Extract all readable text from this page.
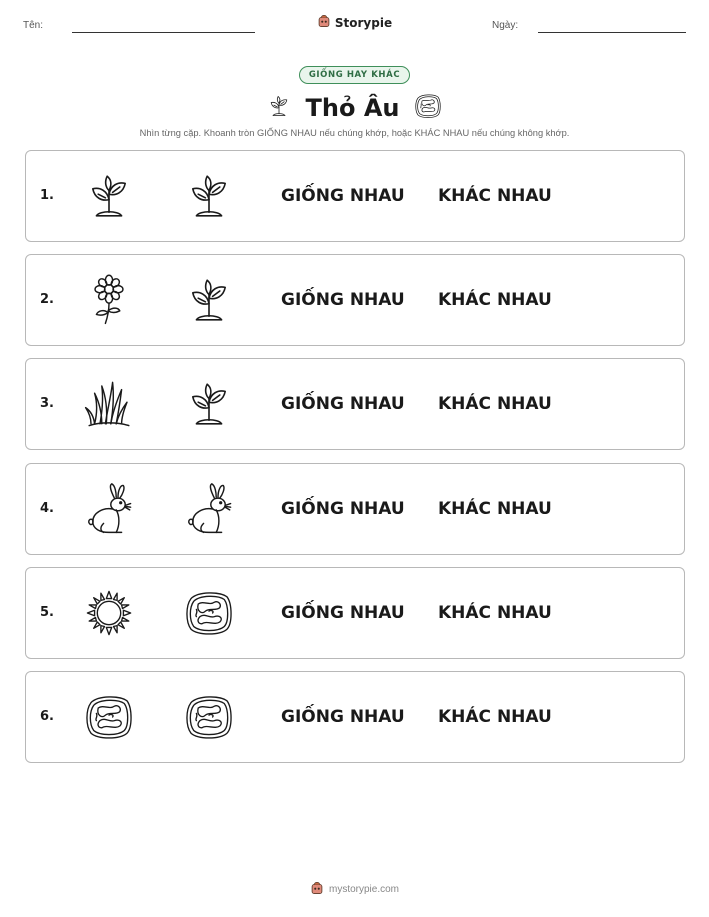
Tên:	Storypie	Ngày:
GIỐNG HAY KHÁC
Thỏ Âu
Nhìn từng cặp. Khoanh tròn GIỐNG NHAU nếu chúng khớp, hoặc KHÁC NHAU nếu chúng không khớp.
1.	GIỐNG NHAU KHÁC NHAU
2.	GIỐNG NHAU KHÁC NHAU
3.	GIỐNG NHAU KHÁC NHAU
4.	GIỐNG NHAU KHÁC NHAU
5.	GIỐNG NHAU KHÁC NHAU
6.	GIỐNG NHAU KHÁC NHAU
mystorypie.com
